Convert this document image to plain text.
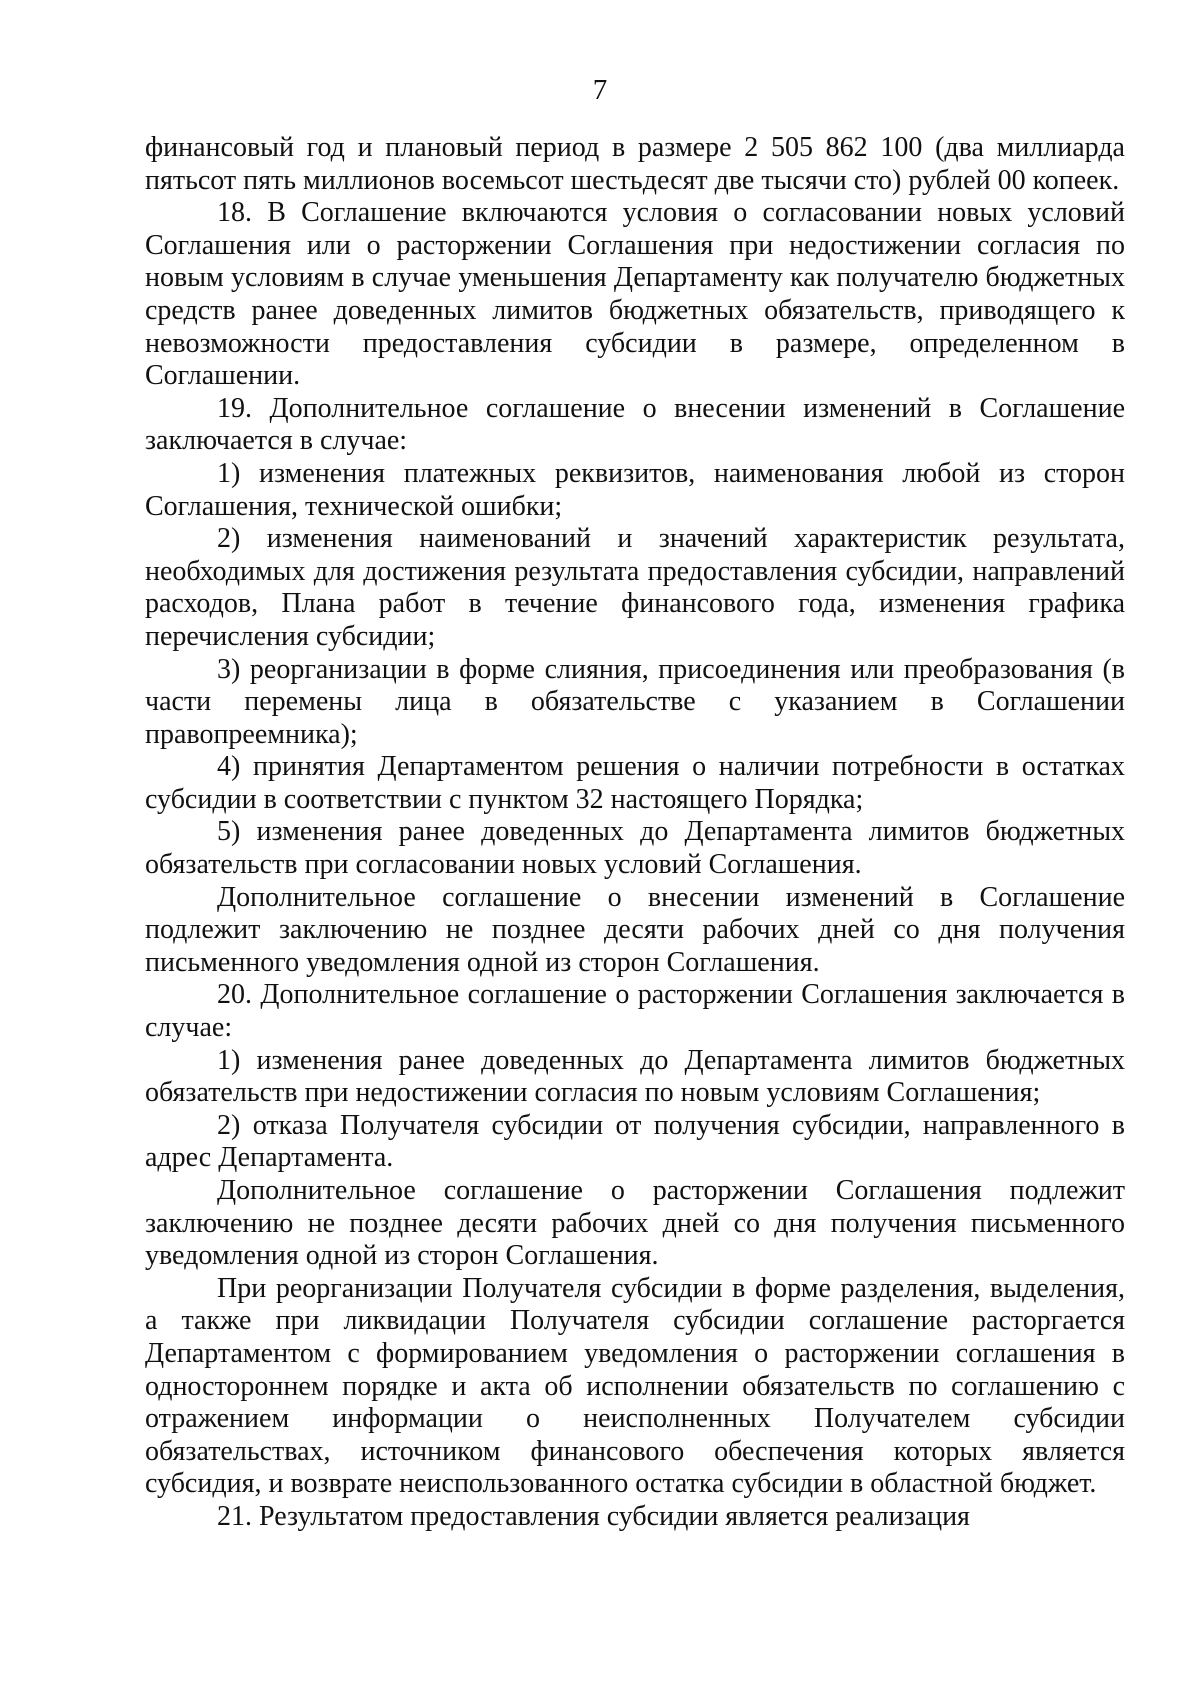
7

финансовый год и плановый период в размере 2 505 862 100 (два миллиарда пятьсот пять миллионов восемьсот шестьдесят две тысячи сто) рублей 00 копеек.

18. В Соглашение включаются условия о согласовании новых условий Соглашения или о расторжении Соглашения при недостижении согласия по новым условиям в случае уменьшения Департаменту как получателю бюджетных средств ранее доведенных лимитов бюджетных обязательств, приводящего к невозможности предоставления субсидии в размере, определенном в Соглашении.

19. Дополнительное соглашение о внесении изменений в Соглашение заключается в случае:

1) изменения платежных реквизитов, наименования любой из сторон Соглашения, технической ошибки;

2) изменения наименований и значений характеристик результата, необходимых для достижения результата предоставления субсидии, направлений расходов, Плана работ в течение финансового года, изменения графика перечисления субсидии;

3) реорганизации в форме слияния, присоединения или преобразования (в части перемены лица в обязательстве с указанием в Соглашении правопреемника);

4) принятия Департаментом решения о наличии потребности в остатках субсидии в соответствии с пунктом 32 настоящего Порядка;

5) изменения ранее доведенных до Департамента лимитов бюджетных обязательств при согласовании новых условий Соглашения.

Дополнительное соглашение о внесении изменений в Соглашение подлежит заключению не позднее десяти рабочих дней со дня получения письменного уведомления одной из сторон Соглашения.

20. Дополнительное соглашение о расторжении Соглашения заключается в случае:

1) изменения ранее доведенных до Департамента лимитов бюджетных обязательств при недостижении согласия по новым условиям Соглашения;

2) отказа Получателя субсидии от получения субсидии, направленного в адрес Департамента.

Дополнительное соглашение о расторжении Соглашения подлежит заключению не позднее десяти рабочих дней со дня получения письменного уведомления одной из сторон Соглашения.

При реорганизации Получателя субсидии в форме разделения, выделения, а также при ликвидации Получателя субсидии соглашение расторгается Департаментом с формированием уведомления о расторжении соглашения в одностороннем порядке и акта об исполнении обязательств по соглашению с отражением информации о неисполненных Получателем субсидии обязательствах, источником финансового обеспечения которых является субсидия, и возврате неиспользованного остатка субсидии в областной бюджет.

21. Результатом предоставления субсидии является реализация
